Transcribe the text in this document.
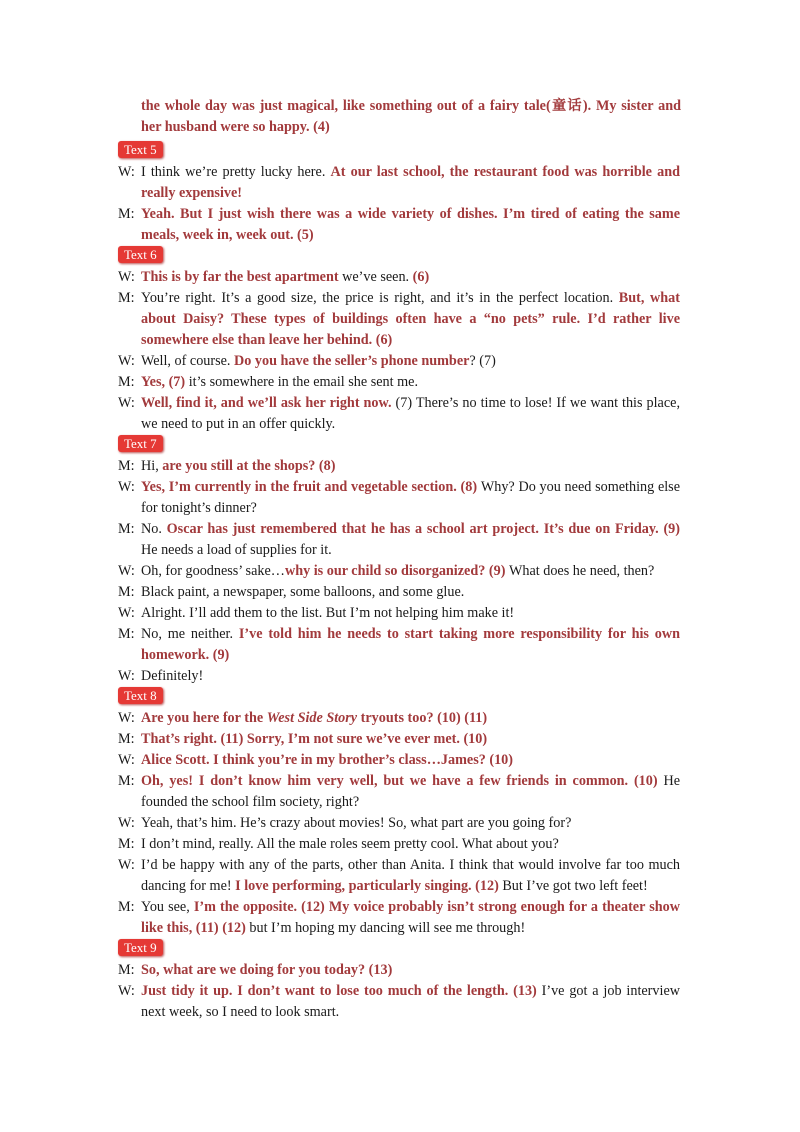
the whole day was just magical, like something out of a fairy tale(童话). My sister and her husband were so happy. (4)
Text 5

W: I think we’re pretty lucky here. At our last school, the restaurant food was horrible and really expensive!

M: Yeah. But I just wish there was a wide variety of dishes. I’m tired of eating the same meals, week in, week out. (5)

Text 6

W: This is by far the best apartment we’ve seen. (6)

M: You’re right. It’s a good size, the price is right, and it’s in the perfect location. But, what about Daisy? These types of buildings often have a “no pets” rule. I’d rather live somewhere else than leave her behind. (6)

W: Well, of course. Do you have the seller’s phone number? (7)

M: Yes, (7) it’s somewhere in the email she sent me.

W: Well, find it, and we’ll ask her right now. (7) There’s no time to lose! If we want this place, we need to put in an offer quickly.

Text 7

M: Hi, are you still at the shops? (8)

W: Yes, I’m currently in the fruit and vegetable section. (8) Why? Do you need something else for tonight’s dinner?

M: No. Oscar has just remembered that he has a school art project. It’s due on Friday. (9) He needs a load of supplies for it.

W: Oh, for goodness’ sake…why is our child so disorganized? (9) What does he need, then?

M: Black paint, a newspaper, some balloons, and some glue.

W: Alright. I’ll add them to the list. But I’m not helping him make it!

M: No, me neither. I’ve told him he needs to start taking more responsibility for his own homework. (9)

W: Definitely!

Text 8

W: Are you here for the West Side Story tryouts too? (10) (11)

M: That’s right. (11) Sorry, I’m not sure we’ve ever met. (10)

W: Alice Scott. I think you’re in my brother’s class…James? (10)

M: Oh, yes! I don’t know him very well, but we have a few friends in common. (10) He founded the school film society, right?

W: Yeah, that’s him. He’s crazy about movies! So, what part are you going for?

M: I don’t mind, really. All the male roles seem pretty cool. What about you?

W: I’d be happy with any of the parts, other than Anita. I think that would involve far too much dancing for me! I love performing, particularly singing. (12) But I’ve got two left feet!

M: You see, I’m the opposite. (12) My voice probably isn’t strong enough for a theater show like this, (11) (12) but I’m hoping my dancing will see me through!

Text 9

M: So, what are we doing for you today? (13)

W: Just tidy it up. I don’t want to lose too much of the length. (13) I’ve got a job interview next week, so I need to look smart.
